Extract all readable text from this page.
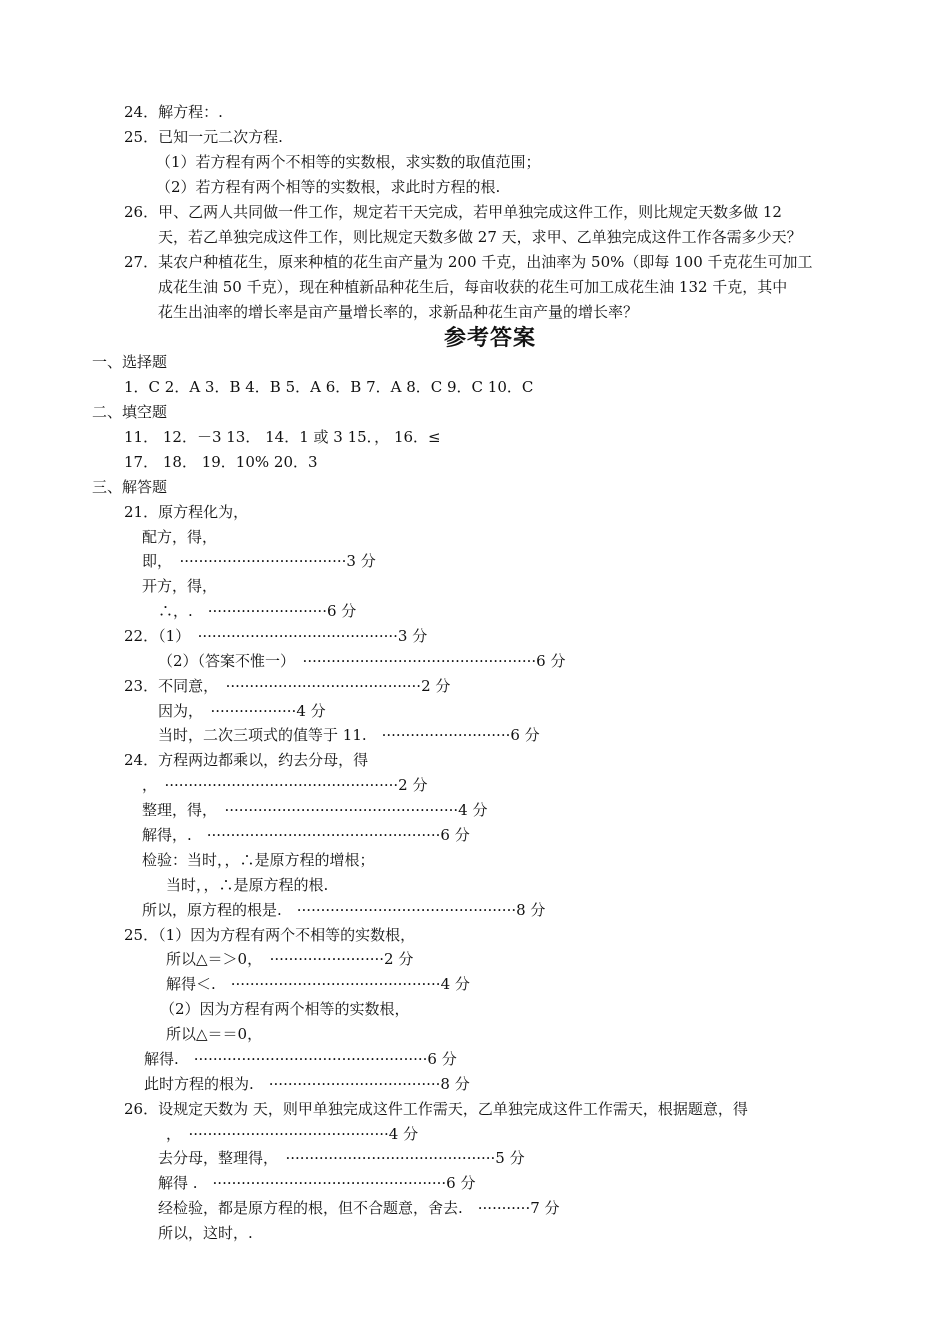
24．解方程：.
25．已知一元二次方程.
（1）若方程有两个不相等的实数根，求实数的取值范围；
（2）若方程有两个相等的实数根，求此时方程的根.
26．甲、乙两人共同做一件工作，规定若干天完成，若甲单独完成这件工作，则比规定天数多做 12
天，若乙单独完成这件工作，则比规定天数多做 27 天，求甲、乙单独完成这件工作各需多少天？
27．某农户种植花生，原来种植的花生亩产量为 200 千克，出油率为 50%（即每 100 千克花生可加工
成花生油 50 千克），现在种植新品种花生后，每亩收获的花生可加工成花生油 132 千克，其中
花生出油率的增长率是亩产量增长率的，求新品种花生亩产量的增长率？
参考答案
一、选择题
1．C 2．A 3．B 4．B 5．A 6．B 7．A 8．C 9．C 10．C
二、填空题
11． 12．－3 13． 14．1 或 3 15．， 16．≤
17． 18． 19．10% 20．3
三、解答题
21．原方程化为，
配方，得，
即，　···································3 分
开方，得，
∴，.　·························6 分
22．（1）　··········································3 分
（2）（答案不惟一）　·················································6 分
23．不同意，　·········································2 分
因为，　··················4 分
当时，二次三项式的值等于 11.　···························6 分
24．方程两边都乘以，约去分母，得
，　·················································2 分
整理，得，　·················································4 分
解得，.　·················································6 分
检验：当时，，∴是原方程的增根；
当时，，∴是原方程的根.
所以，原方程的根是.　··············································8 分
25．（1）因为方程有两个不相等的实数根，
所以△＝＞0，　························2 分
解得＜.　············································4 分
（2）因为方程有两个相等的实数根，
所以△＝＝0，
解得.　·················································6 分
此时方程的根为.　····································8 分
26．设规定天数为 天，则甲单独完成这件工作需天，乙单独完成这件工作需天，根据题意，得
，　··········································4 分
去分母，整理得，　············································5 分
解得 .　·················································6 分
经检验，都是原方程的根，但不合题意，舍去.　···········7 分
所以，这时，.
